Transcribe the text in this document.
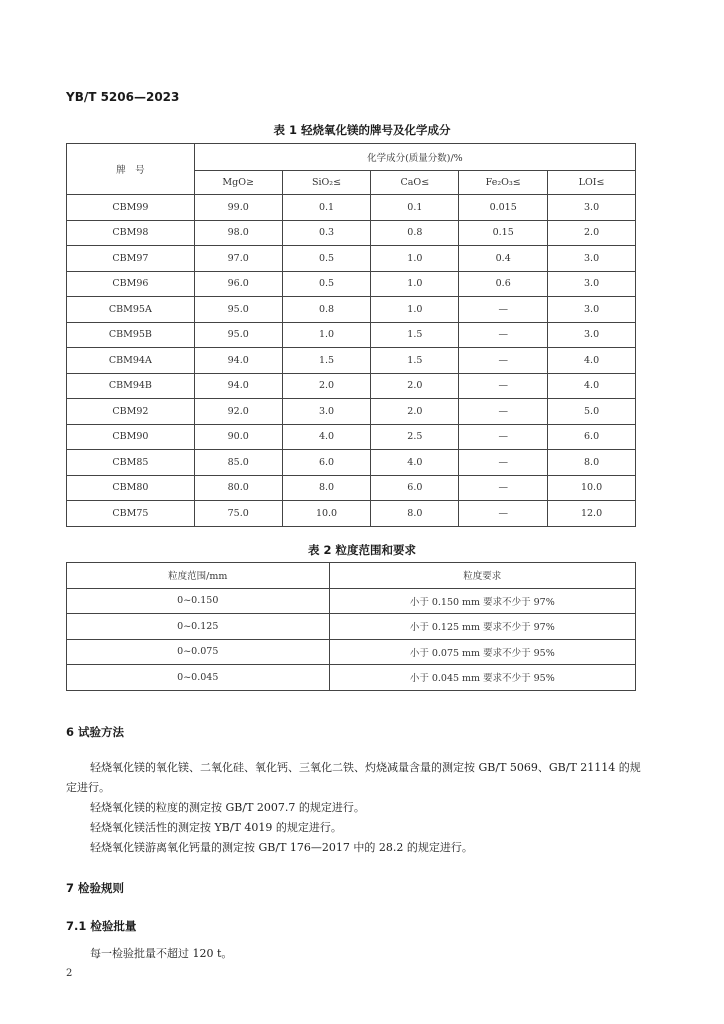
YB/T 5206—2023
表 1 轻烧氧化镁的牌号及化学成分
牌　号	化学成分(质量分数)/%				
	MgO≥	SiO₂≤	CaO≤	Fe₂O₃≤	LOI≤
CBM99	99.0	0.1	0.1	0.015	3.0
CBM98	98.0	0.3	0.8	0.15	2.0
CBM97	97.0	0.5	1.0	0.4	3.0
CBM96	96.0	0.5	1.0	0.6	3.0
CBM95A	95.0	0.8	1.0	—	3.0
CBM95B	95.0	1.0	1.5	—	3.0
CBM94A	94.0	1.5	1.5	—	4.0
CBM94B	94.0	2.0	2.0	—	4.0
CBM92	92.0	3.0	2.0	—	5.0
CBM90	90.0	4.0	2.5	—	6.0
CBM85	85.0	6.0	4.0	—	8.0
CBM80	80.0	8.0	6.0	—	10.0
CBM75	75.0	10.0	8.0	—	12.0
表 2 粒度范围和要求
粒度范围/mm	粒度要求
0~0.150	小于 0.150 mm 要求不少于 97%
0~0.125	小于 0.125 mm 要求不少于 97%
0~0.075	小于 0.075 mm 要求不少于 95%
0~0.045	小于 0.045 mm 要求不少于 95%
6 试验方法
轻烧氧化镁的氧化镁、二氧化硅、氧化钙、三氧化二铁、灼烧减量含量的测定按 GB/T 5069、GB/T 21114 的规定进行。
轻烧氧化镁的粒度的测定按 GB/T 2007.7 的规定进行。
轻烧氧化镁活性的测定按 YB/T 4019 的规定进行。
轻烧氧化镁游离氧化钙量的测定按 GB/T 176—2017 中的 28.2 的规定进行。
7 检验规则
7.1 检验批量
每一检验批量不超过 120 t。
2
